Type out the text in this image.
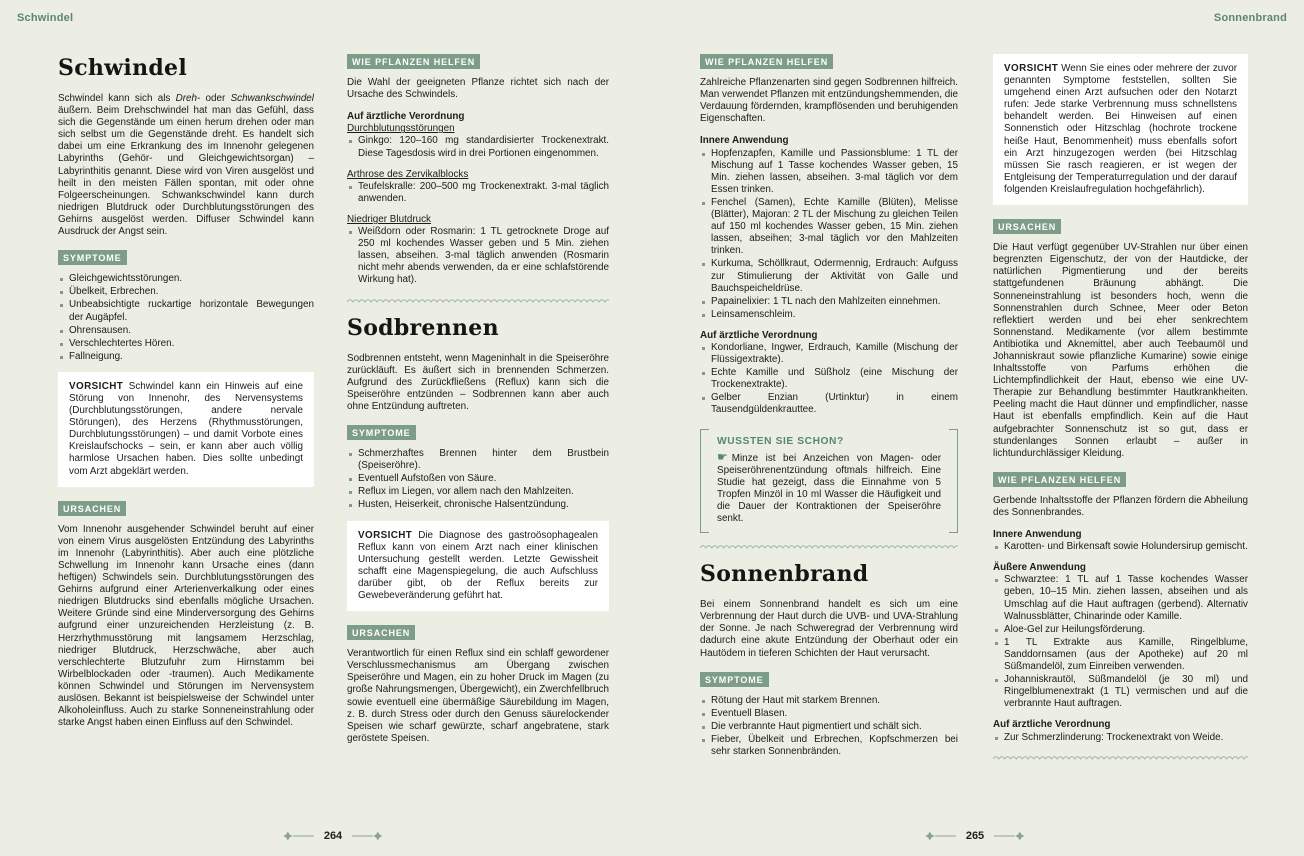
Schwindel	Sonnenbrand
Schwindel

Schwindel kann sich als Dreh- oder Schwankschwindel äußern. Beim Drehschwindel hat man das Gefühl, dass sich die Gegenstände um einen herum drehen oder man sich selbst um die Gegenstände dreht. Es handelt sich dabei um eine Erkrankung des im Innenohr gelegenen Labyrinths (Gehör- und Gleichgewichtsorgan) – Labyrinthitis genannt. Diese wird von Viren ausgelöst und heilt in den meisten Fällen spontan, mit oder ohne Folgeerscheinungen. Schwankschwindel kann durch niedrigen Blutdruck oder Durchblutungsstörungen des Gehirns ausgelöst werden. Diffuser Schwindel kann Ausdruck der Angst sein.

SYMPTOME
Gleichgewichtsstörungen.
Übelkeit, Erbrechen.
Unbeabsichtigte ruckartige horizontale Bewegungen der Augäpfel.
Ohrensausen.
Verschlechtertes Hören.
Fallneigung.

VORSICHT Schwindel kann ein Hinweis auf eine Störung von Innenohr, des Nervensystems (Durchblutungsstörungen, andere nervale Störungen), des Herzens (Rhythmusstörungen, Durchblutungsstörungen) – und damit Vorbote eines Kreislaufschocks – sein, er kann aber auch völlig harmlose Ursachen haben. Dies sollte unbedingt vom Arzt abgeklärt werden.

URSACHEN

Vom Innenohr ausgehender Schwindel beruht auf einer von einem Virus ausgelösten Entzündung des Labyrinths im Innenohr (Labyrinthitis). Aber auch eine plötzliche Schwellung im Innenohr kann Ursache eines (dann heftigen) Schwindels sein. Durchblutungsstörungen des Gehirns aufgrund einer Arterienverkalkung oder eines niedrigen Blutdrucks sind ebenfalls mögliche Ursachen. Weitere Gründe sind eine Minderversorgung des Gehirns aufgrund einer unzureichenden Herzleistung (z. B. Herzrhythmusstörung mit langsamem Herzschlag, niedriger Blutdruck, Herzschwäche, aber auch verschlechterte Blutzufuhr zum Hirnstamm bei Wirbelblockaden oder -traumen). Auch Medikamente können Schwindel und Störungen im Nervensystem auslösen. Bekannt ist beispielsweise der Schwindel unter Alkoholeinfluss. Auch zu starke Sonneneinstrahlung oder starke Angst haben einen Einfluss auf den Schwindel.

WIE PFLANZEN HELFEN

Die Wahl der geeigneten Pflanze richtet sich nach der Ursache des Schwindels.

Auf ärztliche Verordnung

Durchblutungsstörungen

Ginkgo: 120–160 mg standardisierter Trockenextrakt. Diese Tagesdosis wird in drei Portionen eingenommen.

Arthrose des Zervikalblocks

Teufelskralle: 200–500 mg Trockenextrakt. 3-mal täglich anwenden.

Niedriger Blutdruck

Weißdorn oder Rosmarin: 1 TL getrocknete Droge auf 250 ml kochendes Wasser geben und 5 Min. ziehen lassen, abseihen. 3-mal täglich anwenden (Rosmarin nicht mehr abends verwenden, da er eine schlafstörende Wirkung hat).
Sodbrennen

Sodbrennen entsteht, wenn Mageninhalt in die Speiseröhre zurückläuft. Es äußert sich in brennenden Schmerzen. Aufgrund des Zurückfließens (Reflux) kann sich die Speiseröhre entzünden – Sodbrennen kann aber auch ohne Entzündung auftreten.

SYMPTOME
Schmerzhaftes Brennen hinter dem Brustbein (Speiseröhre).
Eventuell Aufstoßen von Säure.
Reflux im Liegen, vor allem nach den Mahlzeiten.
Husten, Heiserkeit, chronische Halsentzündung.

VORSICHT Die Diagnose des gastroösophagealen Reflux kann von einem Arzt nach einer klinischen Untersuchung gestellt werden. Letzte Gewissheit schafft eine Magenspiegelung, die auch Aufschluss darüber gibt, ob der Reflux bereits zur Gewebeveränderung geführt hat.

URSACHEN

Verantwortlich für einen Reflux sind ein schlaff gewordener Verschlussmechanismus am Übergang zwischen Speiseröhre und Magen, ein zu hoher Druck im Magen (zu große Nahrungsmengen, Übergewicht), ein Zwerchfellbruch sowie eventuell eine übermäßige Säurebildung im Magen, z. B. durch Stress oder durch den Genuss säurelockender Speisen wie scharf gewürzte, scharf angebratene, stark geröstete Speisen.

WIE PFLANZEN HELFEN

Zahlreiche Pflanzenarten sind gegen Sodbrennen hilfreich. Man verwendet Pflanzen mit entzündungshemmenden, die Verdauung fördernden, krampflösenden und beruhigenden Eigenschaften.

Innere Anwendung

Hopfenzapfen, Kamille und Passionsblume: 1 TL der Mischung auf 1 Tasse kochendes Wasser geben, 15 Min. ziehen lassen, abseihen. 3-mal täglich vor dem Essen trinken.
Fenchel (Samen), Echte Kamille (Blüten), Melisse (Blätter), Majoran: 2 TL der Mischung zu gleichen Teilen auf 150 ml kochendes Wasser geben, 15 Min. ziehen lassen, abseihen; 3-mal täglich vor den Mahlzeiten trinken.
Kurkuma, Schöllkraut, Odermennig, Erdrauch: Aufguss zur Stimulierung der Aktivität von Galle und Bauchspeicheldrüse.
Papainelixier: 1 TL nach den Mahlzeiten einnehmen.
Leinsamenschleim.

Auf ärztliche Verordnung

Kondorliane, Ingwer, Erdrauch, Kamille (Mischung der Flüssigextrakte).
Echte Kamille und Süßholz (eine Mischung der Trockenextrakte).
Gelber Enzian (Urtinktur) in einem Tausendgüldenkrauttee.
WUSSTEN SIE SCHON?
☛ Minze ist bei Anzeichen von Magen- oder Speiseröhrenentzündung oftmals hilfreich. Eine Studie hat gezeigt, dass die Einnahme von 5 Tropfen Minzöl in 10 ml Wasser die Häufigkeit und die Dauer der Kontraktionen der Speiseröhre senkt.
Sonnenbrand

Bei einem Sonnenbrand handelt es sich um eine Verbrennung der Haut durch die UVB- und UVA-Strahlung der Sonne. Je nach Schweregrad der Verbrennung wird dadurch eine akute Entzündung der Oberhaut oder ein Hautödem in tieferen Schichten der Haut verursacht.

SYMPTOME
Rötung der Haut mit starkem Brennen.
Eventuell Blasen.
Die verbrannte Haut pigmentiert und schält sich.
Fieber, Übelkeit und Erbrechen, Kopfschmerzen bei sehr starken Sonnenbränden.

VORSICHT Wenn Sie eines oder mehrere der zuvor genannten Symptome feststellen, sollten Sie umgehend einen Arzt aufsuchen oder den Notarzt rufen: Jede starke Verbrennung muss schnellstens behandelt werden. Bei Hinweisen auf einen Sonnenstich oder Hitzschlag (hochrote trockene heiße Haut, Benommenheit) muss ebenfalls sofort ein Arzt hinzugezogen werden (bei Hitzschlag müssen Sie rasch reagieren, er ist wegen der Entgleisung der Temperaturregulation und der darauf folgenden Kreislaufregulation hochgefährlich).

URSACHEN

Die Haut verfügt gegenüber UV-Strahlen nur über einen begrenzten Eigenschutz, der von der Hautdicke, der natürlichen Pigmentierung und der bereits stattgefundenen Bräunung abhängt. Die Sonneneinstrahlung ist besonders hoch, wenn die Sonnenstrahlen durch Schnee, Meer oder Beton reflektiert werden und bei eher senkrechtem Sonnenstand. Medikamente (vor allem bestimmte Antibiotika und Aknemittel, aber auch Teebaumöl und Johanniskraut sowie pflanzliche Kumarine) sowie einige Inhaltsstoffe von Parfums erhöhen die Lichtempfindlichkeit der Haut, ebenso wie eine UV-Therapie zur Behandlung bestimmter Hautkrankheiten. Peeling macht die Haut dünner und empfindlicher, nasse Haut ist ebenfalls empfindlich. Kein auf die Haut aufgebrachter Sonnenschutz ist so gut, dass er stundenlanges Sonnen erlaubt – außer in lichtundurchlässiger Kleidung.

WIE PFLANZEN HELFEN

Gerbende Inhaltsstoffe der Pflanzen fördern die Abheilung des Sonnenbrandes.

Innere Anwendung

Karotten- und Birkensaft sowie Holundersirup gemischt.

Äußere Anwendung

Schwarztee: 1 TL auf 1 Tasse kochendes Wasser geben, 10–15 Min. ziehen lassen, abseihen und als Umschlag auf die Haut auftragen (gerbend). Alternativ Walnussblätter, Chinarinde oder Kamille.
Aloe-Gel zur Heilungsförderung.
1 TL Extrakte aus Kamille, Ringelblume, Sanddornsamen (aus der Apotheke) auf 20 ml Süßmandelöl, zum Einreiben verwenden.
Johanniskrautöl, Süßmandelöl (je 30 ml) und Ringelblumenextrakt (1 TL) vermischen und auf die verbrannte Haut auftragen.

Auf ärztliche Verordnung

Zur Schmerzlinderung: Trockenextrakt von Weide.
264	265
